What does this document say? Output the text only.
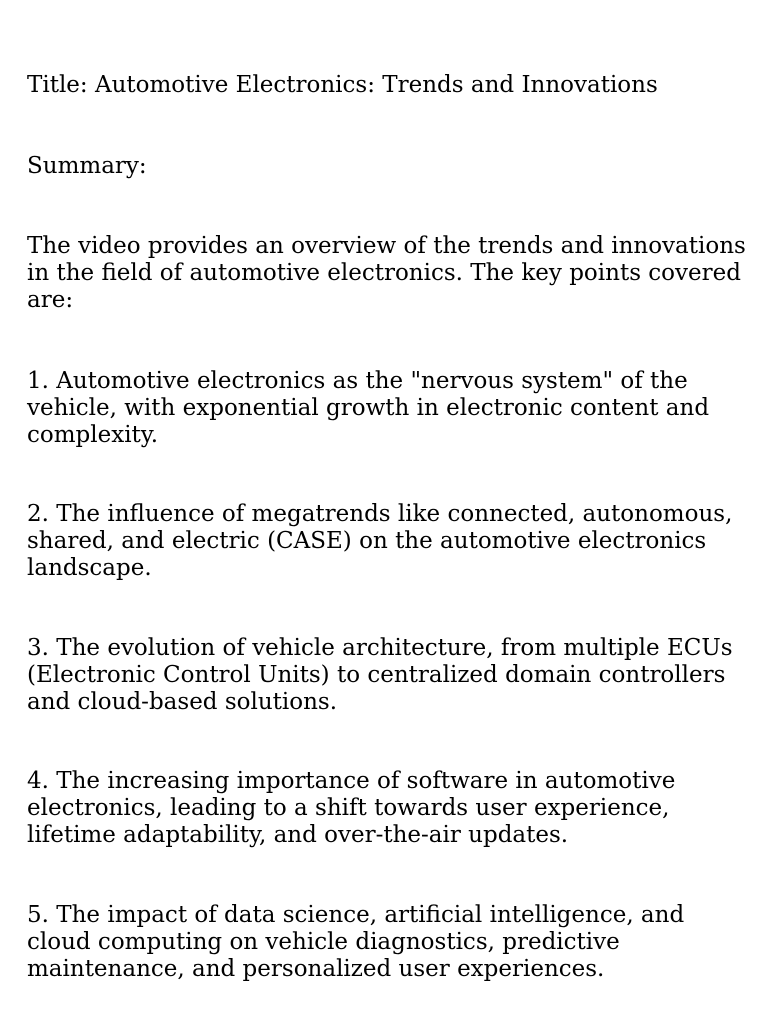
Title: Automotive Electronics: Trends and Innovations

Summary:

The video provides an overview of the trends and innovations in the field of automotive electronics. The key points covered are:

1. Automotive electronics as the "nervous system" of the vehicle, with exponential growth in electronic content and complexity.

2. The influence of megatrends like connected, autonomous, shared, and electric (CASE) on the automotive electronics landscape.

3. The evolution of vehicle architecture, from multiple ECUs (Electronic Control Units) to centralized domain controllers and cloud-based solutions.

4. The increasing importance of software in automotive electronics, leading to a shift towards user experience, lifetime adaptability, and over-the-air updates.

5. The impact of data science, artificial intelligence, and cloud computing on vehicle diagnostics, predictive maintenance, and personalized user experiences.
